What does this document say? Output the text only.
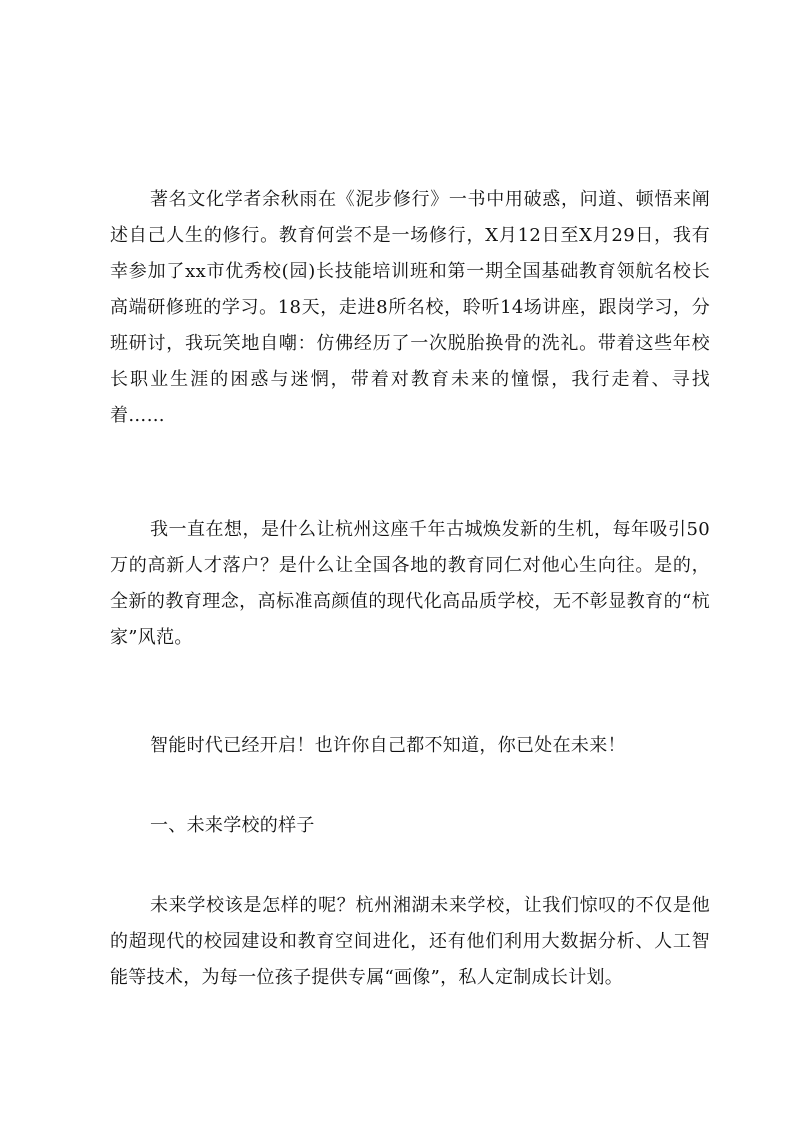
著名文化学者余秋雨在《泥步修行》一书中用破惑，问道、顿悟来阐述自己人生的修行。教育何尝不是一场修行，X月12日至X月29日，我有幸参加了xx市优秀校(园)长技能培训班和第一期全国基础教育领航名校长高端研修班的学习。18天，走进8所名校，聆听14场讲座，跟岗学习，分班研讨，我玩笑地自嘲：仿佛经历了一次脱胎换骨的洗礼。带着这些年校长职业生涯的困惑与迷惘，带着对教育未来的憧憬，我行走着、寻找着……

我一直在想，是什么让杭州这座千年古城焕发新的生机，每年吸引50万的高新人才落户？是什么让全国各地的教育同仁对他心生向往。是的，全新的教育理念，高标准高颜值的现代化高品质学校，无不彰显教育的“杭家”风范。

智能时代已经开启！也许你自己都不知道，你已处在未来！

一、未来学校的样子

未来学校该是怎样的呢？杭州湘湖未来学校，让我们惊叹的不仅是他的超现代的校园建设和教育空间进化，还有他们利用大数据分析、人工智能等技术，为每一位孩子提供专属“画像”，私人定制成长计划。
